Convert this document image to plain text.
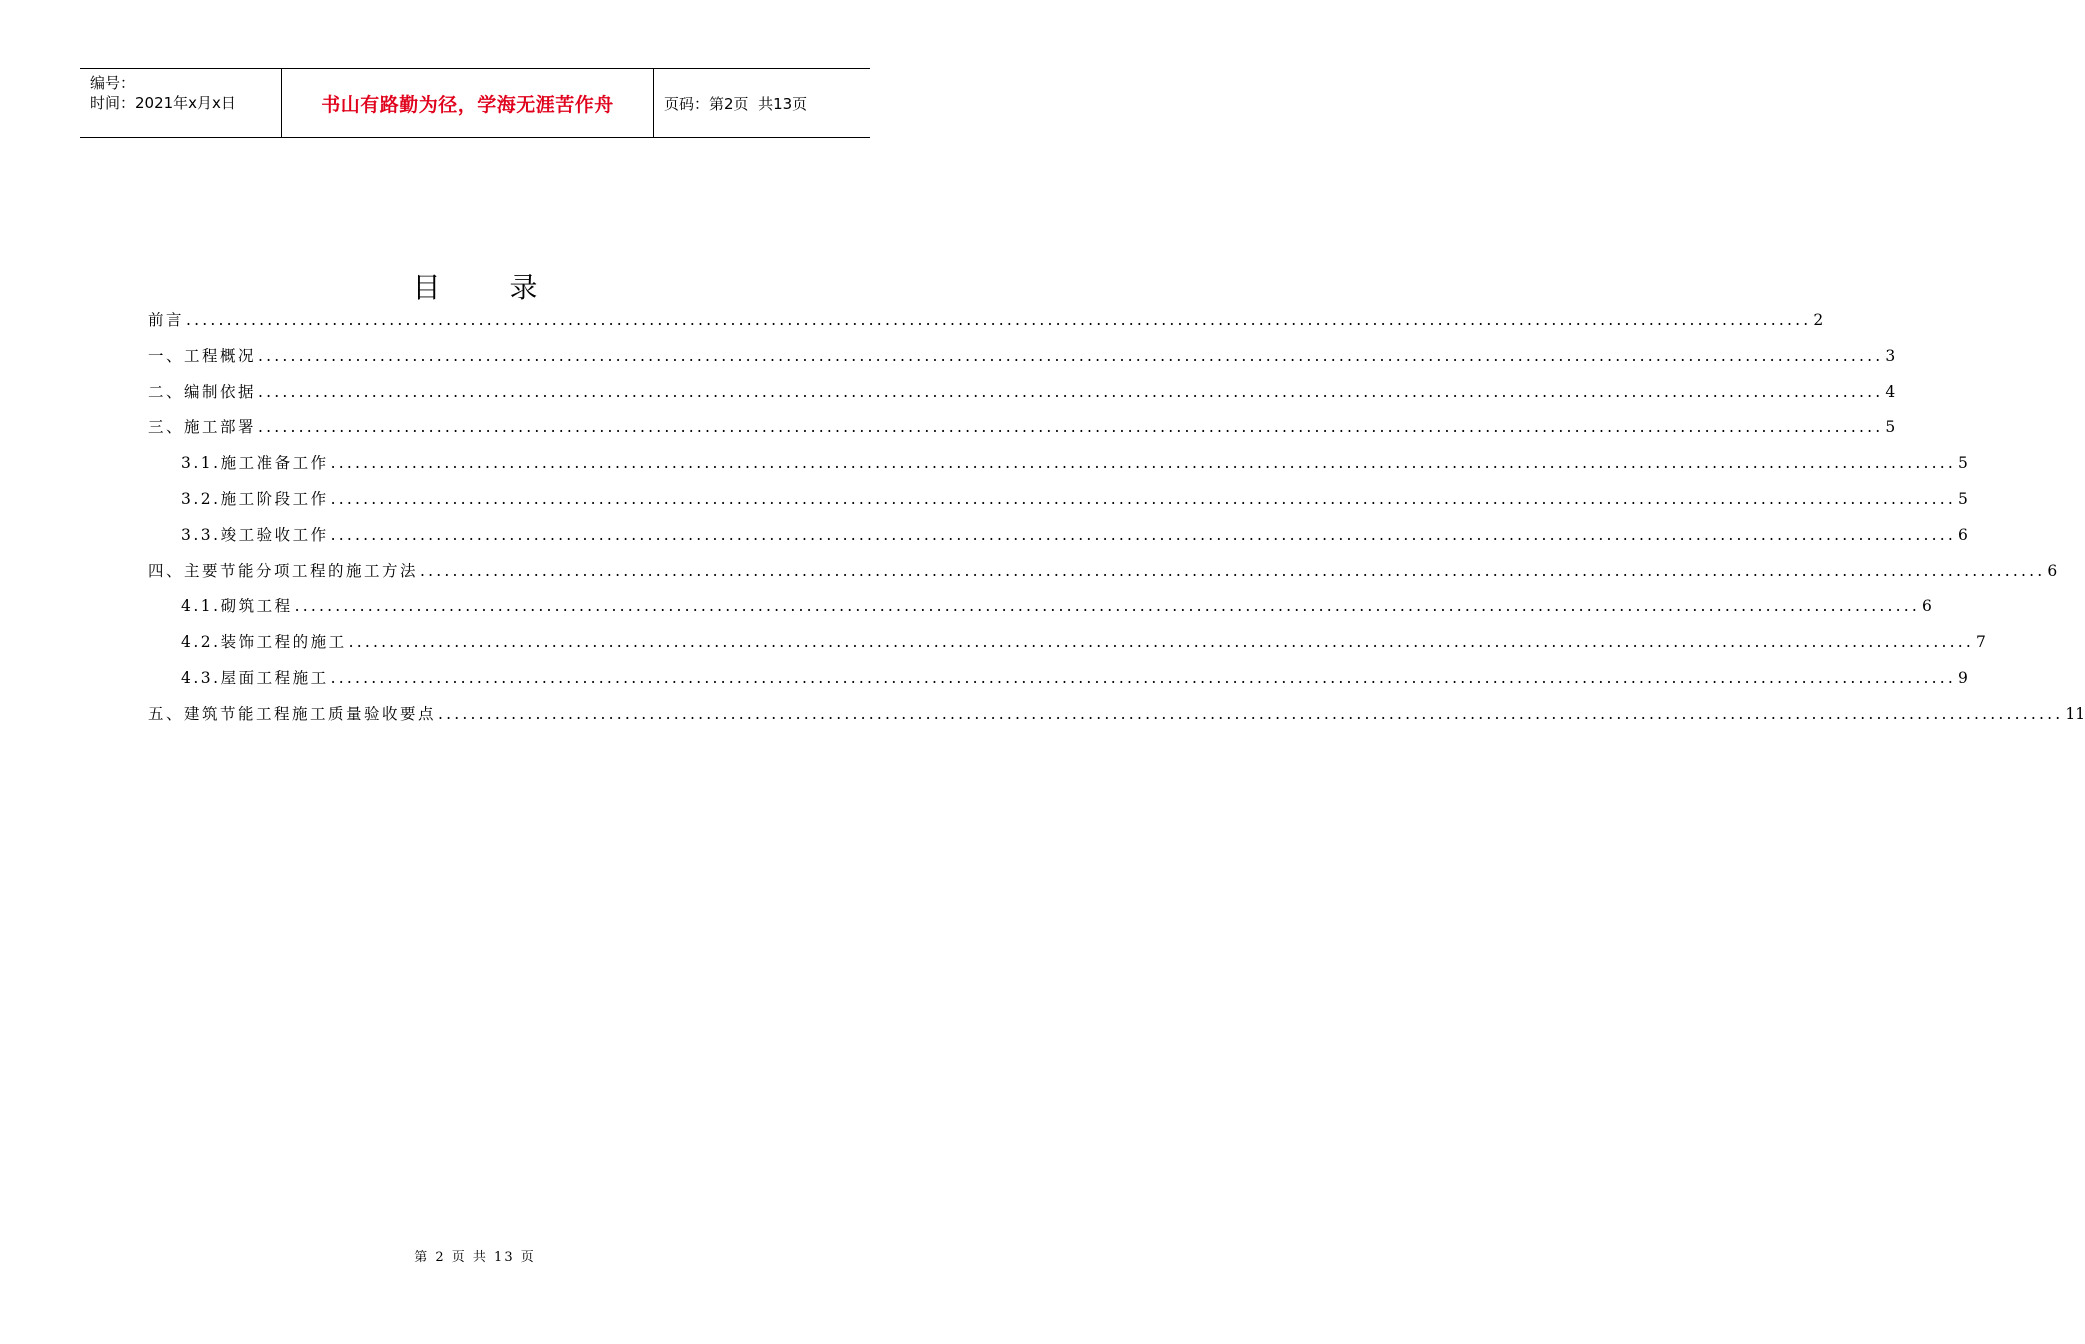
编号：
时间：2021年x月x日	书山有路勤为径，学海无涯苦作舟	页码：第2页  共13页
目 录
前言 ........................................................................................................................................................................................................ 2
一、工程概况 ........................................................................................................................................................................................................ 3
二、编制依据 ........................................................................................................................................................................................................ 4
三、施工部署 ........................................................................................................................................................................................................ 5
3.1.施工准备工作 ........................................................................................................................................................................................................ 5
3.2.施工阶段工作 ........................................................................................................................................................................................................ 5
3.3.竣工验收工作 ........................................................................................................................................................................................................ 6
四、主要节能分项工程的施工方法 ........................................................................................................................................................................................................ 6
4.1.砌筑工程 ........................................................................................................................................................................................................ 6
4.2.装饰工程的施工 ........................................................................................................................................................................................................ 7
4.3.屋面工程施工 ........................................................................................................................................................................................................ 9
五、建筑节能工程施工质量验收要点 ........................................................................................................................................................................................................ 11
第 2 页 共 13 页
